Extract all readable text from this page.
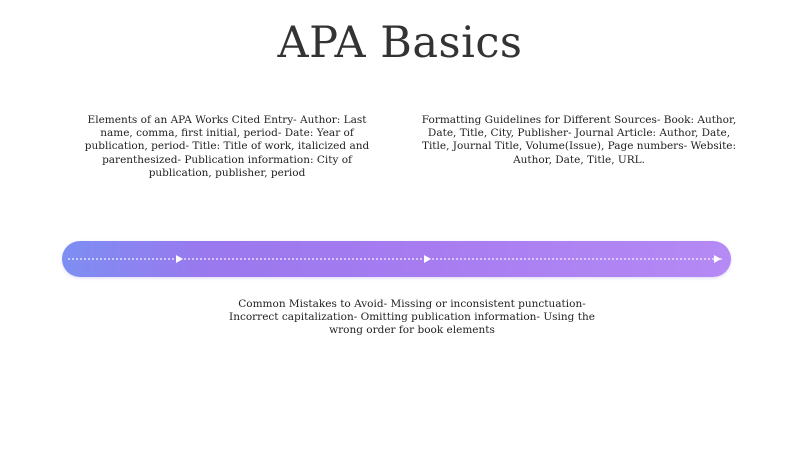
APA Basics
Elements of an APA Works Cited Entry- Author: Last name, comma, first initial, period- Date: Year of publication, period- Title: Title of work, italicized and parenthesized- Publication information: City of publication, publisher, period
Formatting Guidelines for Different Sources- Book: Author, Date, Title, City, Publisher- Journal Article: Author, Date, Title, Journal Title, Volume(Issue), Page numbers- Website: Author, Date, Title, URL.
Common Mistakes to Avoid- Missing or inconsistent punctuation- Incorrect capitalization- Omitting publication information- Using the wrong order for book elements
